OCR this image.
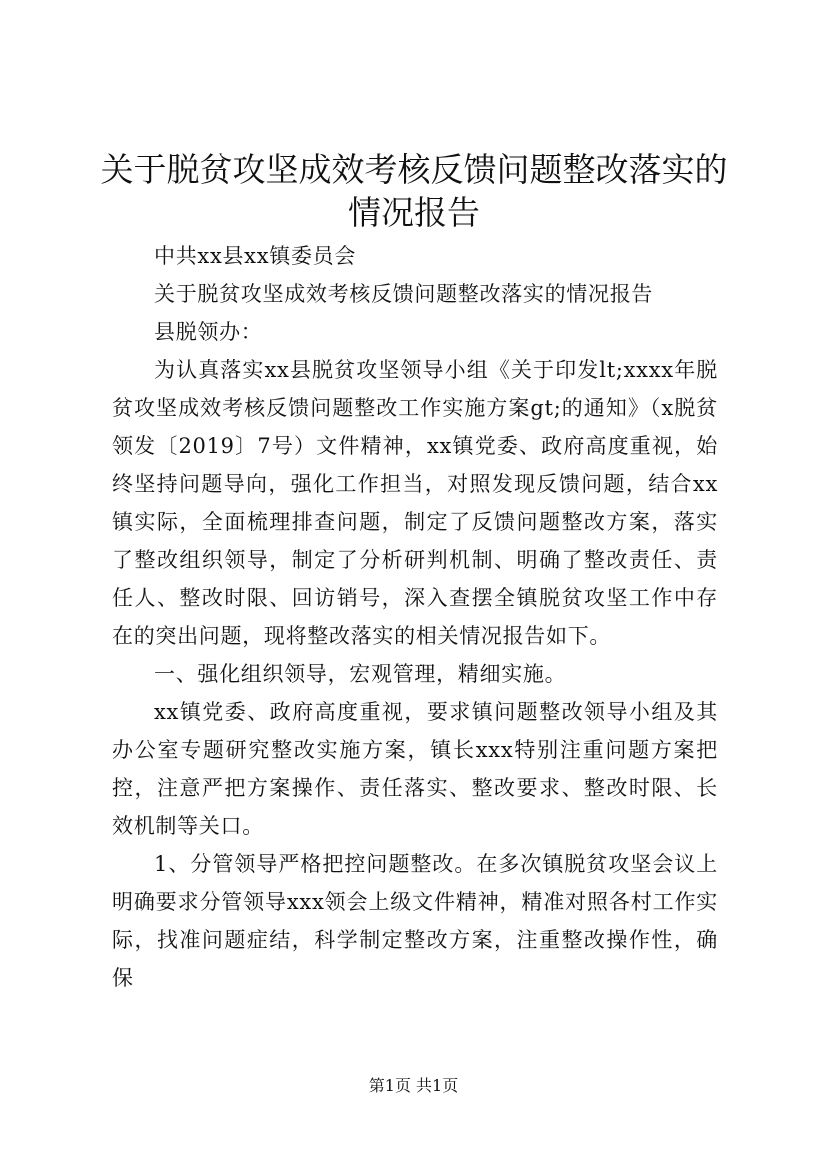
关于脱贫攻坚成效考核反馈问题整改落实的情况报告

中共xx县xx镇委员会

关于脱贫攻坚成效考核反馈问题整改落实的情况报告

县脱领办：

为认真落实xx县脱贫攻坚领导小组《关于印发lt;xxxx年脱贫攻坚成效考核反馈问题整改工作实施方案gt;的通知》（x脱贫领发〔2019〕7号）文件精神，xx镇党委、政府高度重视，始终坚持问题导向，强化工作担当，对照发现反馈问题，结合xx镇实际，全面梳理排查问题，制定了反馈问题整改方案，落实了整改组织领导，制定了分析研判机制、明确了整改责任、责任人、整改时限、回访销号，深入查摆全镇脱贫攻坚工作中存在的突出问题，现将整改落实的相关情况报告如下。

一、强化组织领导，宏观管理，精细实施。

xx镇党委、政府高度重视，要求镇问题整改领导小组及其办公室专题研究整改实施方案，镇长xxx特别注重问题方案把控，注意严把方案操作、责任落实、整改要求、整改时限、长效机制等关口。

1、分管领导严格把控问题整改。在多次镇脱贫攻坚会议上明确要求分管领导xxx领会上级文件精神，精准对照各村工作实际，找准问题症结，科学制定整改方案，注重整改操作性，确保

第1页 共1页
